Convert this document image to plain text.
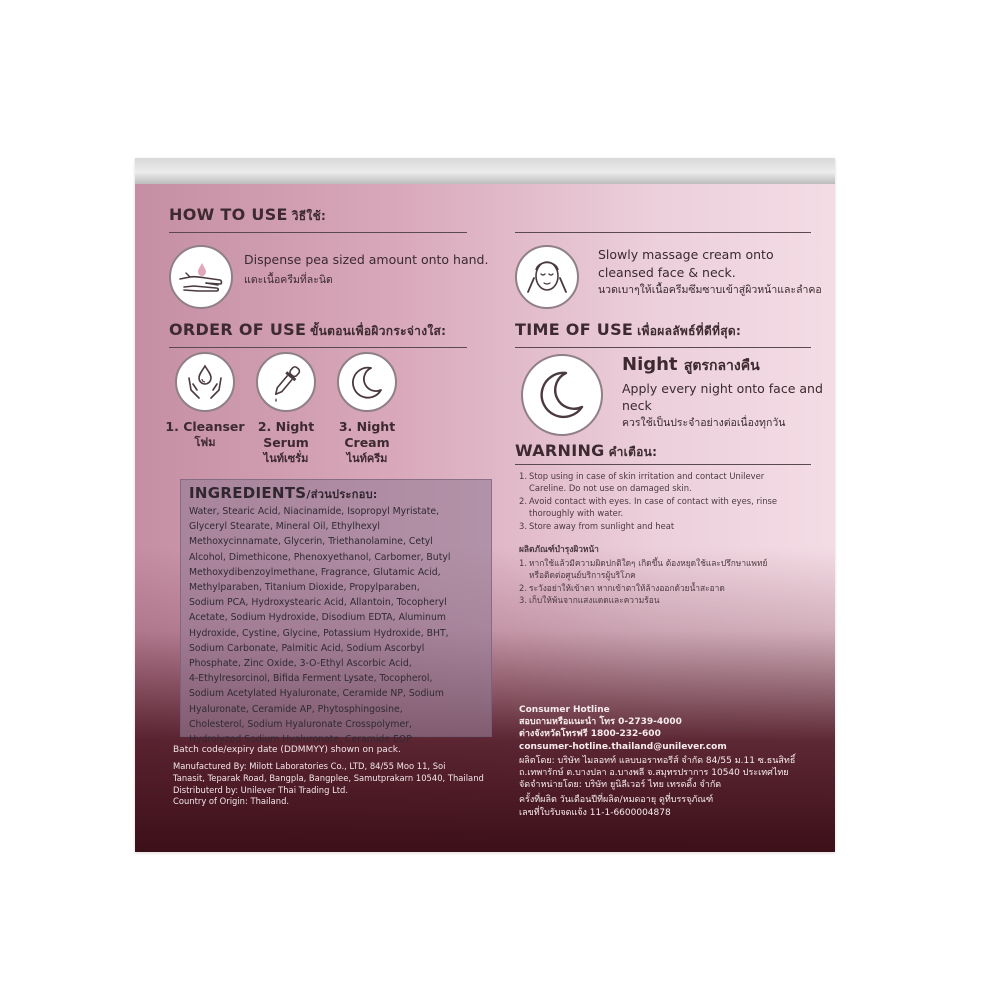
HOW TO USE วิธีใช้:
Dispense pea sized amount onto hand.
แตะเนื้อครีมที่ละนิด
Slowly massage cream onto
cleansed face & neck.
นวดเบาๆให้เนื้อครีมซึมซาบเข้าสู่ผิวหน้าและลำคอ
ORDER OF USE ขั้นตอนเพื่อผิวกระจ่างใส:
1. Cleanser
โฟม
2. Night
Serum
ไนท์เซรั่ม
3. Night
Cream
ไนท์ครีม
TIME OF USE เพื่อผลลัพธ์ที่ดีที่สุด:
Night สูตรกลางคืน
Apply every night onto face and
neck
ควรใช้เป็นประจำอย่างต่อเนื่องทุกวัน
WARNING คำเตือน:
1. Stop using in case of skin irritation and contact Unilever
Careline. Do not use on damaged skin.
2. Avoid contact with eyes. In case of contact with eyes, rinse
thoroughly with water.
3. Store away from sunlight and heat
ผลิตภัณฑ์บำรุงผิวหน้า
1. หากใช้แล้วมีความผิดปกติใดๆ เกิดขึ้น ต้องหยุดใช้และปรึกษาแพทย์
หรือติดต่อศูนย์บริการผู้บริโภค
2. ระวังอย่าให้เข้าตา หากเข้าตาให้ล้างออกด้วยน้ำสะอาด
3. เก็บให้พ้นจากแสงแดดและความร้อน
INGREDIENTS/ส่วนประกอบ:
Water, Stearic Acid, Niacinamide, Isopropyl Myristate,
Glyceryl Stearate, Mineral Oil, Ethylhexyl
Methoxycinnamate, Glycerin, Triethanolamine, Cetyl
Alcohol, Dimethicone, Phenoxyethanol, Carbomer, Butyl
Methoxydibenzoylmethane, Fragrance, Glutamic Acid,
Methylparaben, Titanium Dioxide, Propylparaben,
Sodium PCA, Hydroxystearic Acid, Allantoin, Tocopheryl
Acetate, Sodium Hydroxide, Disodium EDTA, Aluminum
Hydroxide, Cystine, Glycine, Potassium Hydroxide, BHT,
Sodium Carbonate, Palmitic Acid, Sodium Ascorbyl
Phosphate, Zinc Oxide, 3-O-Ethyl Ascorbic Acid,
4-Ethylresorcinol, Bifida Ferment Lysate, Tocopherol,
Sodium Acetylated Hyaluronate, Ceramide NP, Sodium
Hyaluronate, Ceramide AP, Phytosphingosine,
Cholesterol, Sodium Hyaluronate Crosspolymer,
Hydrolyzed Sodium Hyaluronate, Ceramide EOP
Batch code/expiry date (DDMMYY) shown on pack.
Manufactured By: Milott Laboratories Co., LTD, 84/55 Moo 11, Soi
Tanasit, Teparak Road, Bangpla, Bangplee, Samutprakarn 10540, Thailand
Distributerd by: Unilever Thai Trading Ltd.
Country of Origin: Thailand.
Consumer Hotline
สอบถามหรือแนะนำ โทร 0-2739-4000
ต่างจังหวัดโทรฟรี 1800-232-600
consumer-hotline.thailand@unilever.com
ผลิตโดย: บริษัท ไมลอทท์ แลบบอราทอรีส์ จำกัด 84/55 ม.11 ซ.ธนสิทธิ์
ถ.เทพารักษ์ ต.บางปลา อ.บางพลี จ.สมุทรปราการ 10540 ประเทศไทย
จัดจำหน่ายโดย: บริษัท ยูนิลีเวอร์ ไทย เทรดดิ้ง จำกัด
ครั้งที่ผลิต วันเดือนปีที่ผลิต/หมดอายุ ดูที่บรรจุภัณฑ์
เลขที่ใบรับจดแจ้ง 11-1-6600004878
